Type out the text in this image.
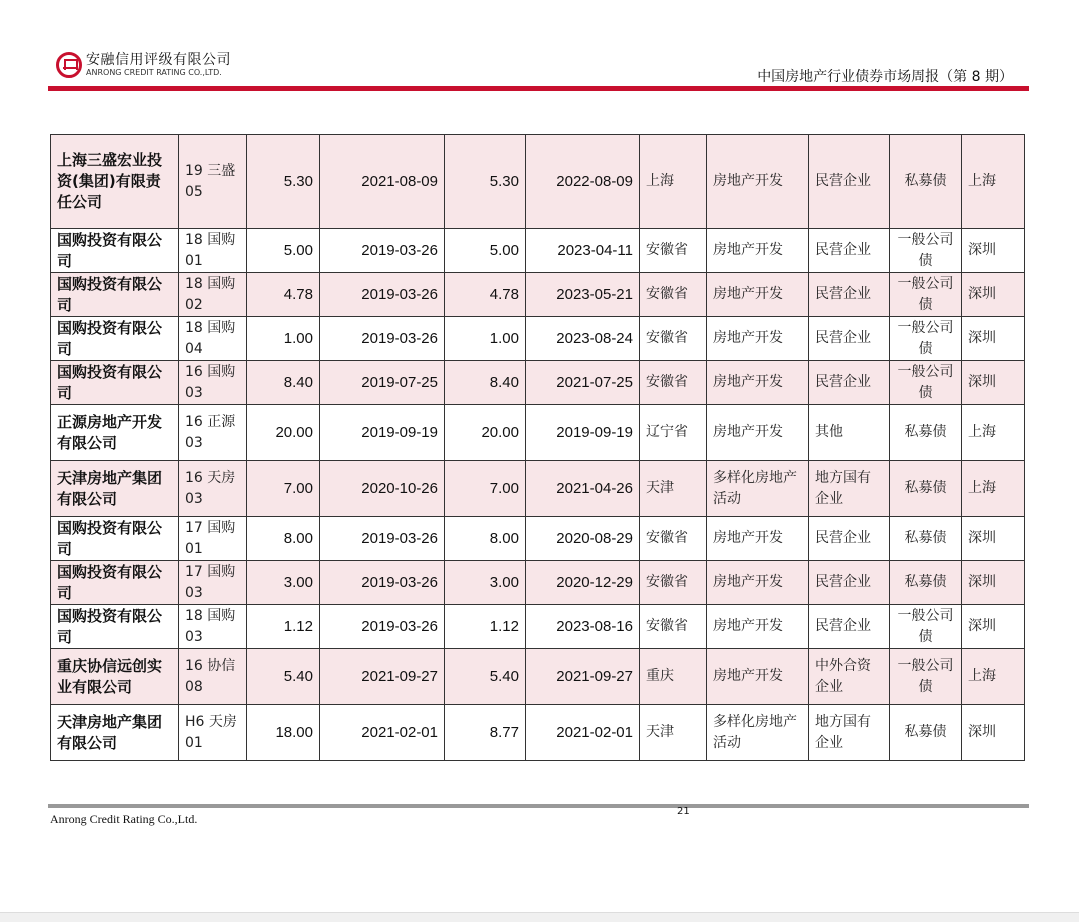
安融信用评级有限公司
ANRONG CREDIT RATING CO.,LTD.	中国房地产行业债券市场周报（第 8 期）
上海三盛宏业投资(集团)有限责任公司	19 三盛 05	5.30	2021-08-09	5.30	2022-08-09	上海	房地产开发	民营企业	私募债	上海
国购投资有限公司	18 国购 01	5.00	2019-03-26	5.00	2023-04-11	安徽省	房地产开发	民营企业	一般公司债	深圳
国购投资有限公司	18 国购 02	4.78	2019-03-26	4.78	2023-05-21	安徽省	房地产开发	民营企业	一般公司债	深圳
国购投资有限公司	18 国购 04	1.00	2019-03-26	1.00	2023-08-24	安徽省	房地产开发	民营企业	一般公司债	深圳
国购投资有限公司	16 国购 03	8.40	2019-07-25	8.40	2021-07-25	安徽省	房地产开发	民营企业	一般公司债	深圳
正源房地产开发有限公司	16 正源 03	20.00	2019-09-19	20.00	2019-09-19	辽宁省	房地产开发	其他	私募债	上海
天津房地产集团有限公司	16 天房 03	7.00	2020-10-26	7.00	2021-04-26	天津	多样化房地产活动	地方国有企业	私募债	上海
国购投资有限公司	17 国购 01	8.00	2019-03-26	8.00	2020-08-29	安徽省	房地产开发	民营企业	私募债	深圳
国购投资有限公司	17 国购 03	3.00	2019-03-26	3.00	2020-12-29	安徽省	房地产开发	民营企业	私募债	深圳
国购投资有限公司	18 国购 03	1.12	2019-03-26	1.12	2023-08-16	安徽省	房地产开发	民营企业	一般公司债	深圳
重庆协信远创实业有限公司	16 协信 08	5.40	2021-09-27	5.40	2021-09-27	重庆	房地产开发	中外合资企业	一般公司债	上海
天津房地产集团有限公司	H6 天房 01	18.00	2021-02-01	8.77	2021-02-01	天津	多样化房地产活动	地方国有企业	私募债	深圳
Anrong Credit Rating Co.,Ltd.
21
